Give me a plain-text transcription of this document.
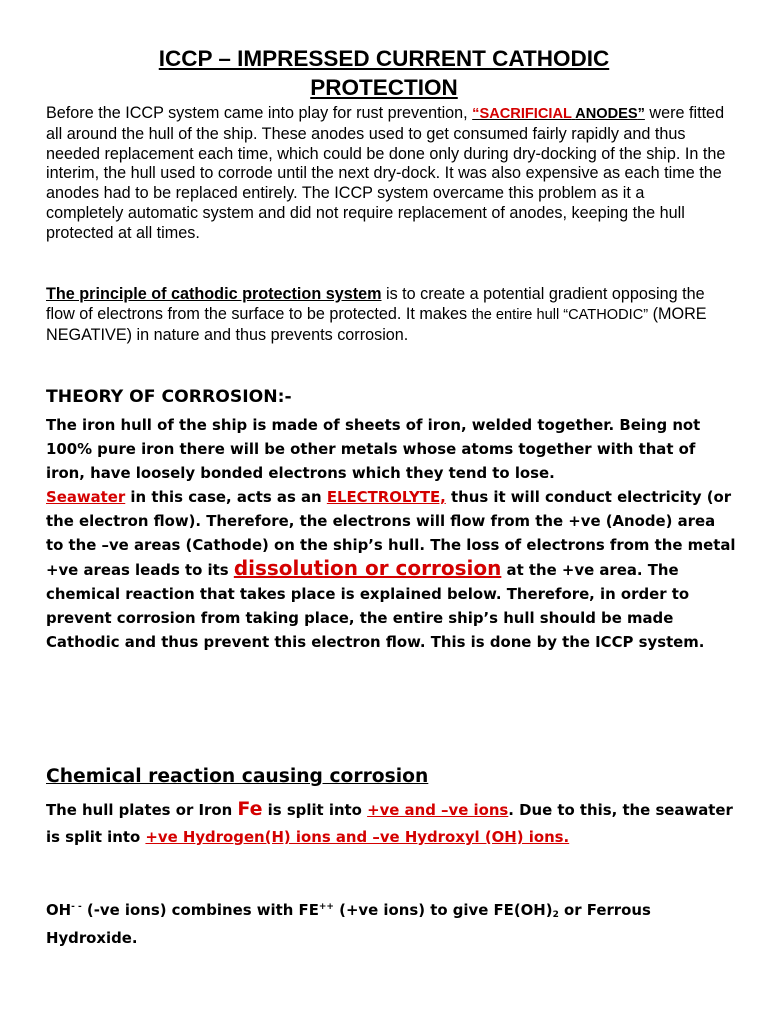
ICCP – IMPRESSED CURRENT CATHODIC
PROTECTION
Before the ICCP system came into play for rust prevention, “SACRIFICIAL ANODES” were fitted all around the hull of the ship. These anodes used to get consumed fairly rapidly and thus needed replacement each time, which could be done only during dry-docking of the ship. In the interim, the hull used to corrode until the next dry-dock. It was also expensive as each time the anodes had to be replaced entirely. The ICCP system overcame this problem as it a completely automatic system and did not require replacement of anodes, keeping the hull protected at all times.
The principle of cathodic protection system is to create a potential gradient opposing the flow of electrons from the surface to be protected. It makes the entire hull “CATHODIC” (MORE NEGATIVE) in nature and thus prevents corrosion.
THEORY OF CORROSION:-
The iron hull of the ship is made of sheets of iron, welded together. Being not 100% pure iron there will be other metals whose atoms together with that of iron, have loosely bonded electrons which they tend to lose.
Seawater in this case, acts as an ELECTROLYTE, thus it will conduct electricity (or the electron flow). Therefore, the electrons will flow from the +ve (Anode) area to the –ve areas (Cathode) on the ship’s hull. The loss of electrons from the metal +ve areas leads to its dissolution or corrosion at the +ve area. The chemical reaction that takes place is explained below. Therefore, in order to prevent corrosion from taking place, the entire ship’s hull should be made Cathodic and thus prevent this electron flow. This is done by the ICCP system.
Chemical reaction causing corrosion
The hull plates or Iron Fe is split into +ve and –ve ions. Due to this, the seawater is split into +ve Hydrogen(H) ions and –ve Hydroxyl (OH) ions.
OH- - (-ve ions) combines with FE++ (+ve ions) to give $FE(OH)_2$ or Ferrous Hydroxide.
